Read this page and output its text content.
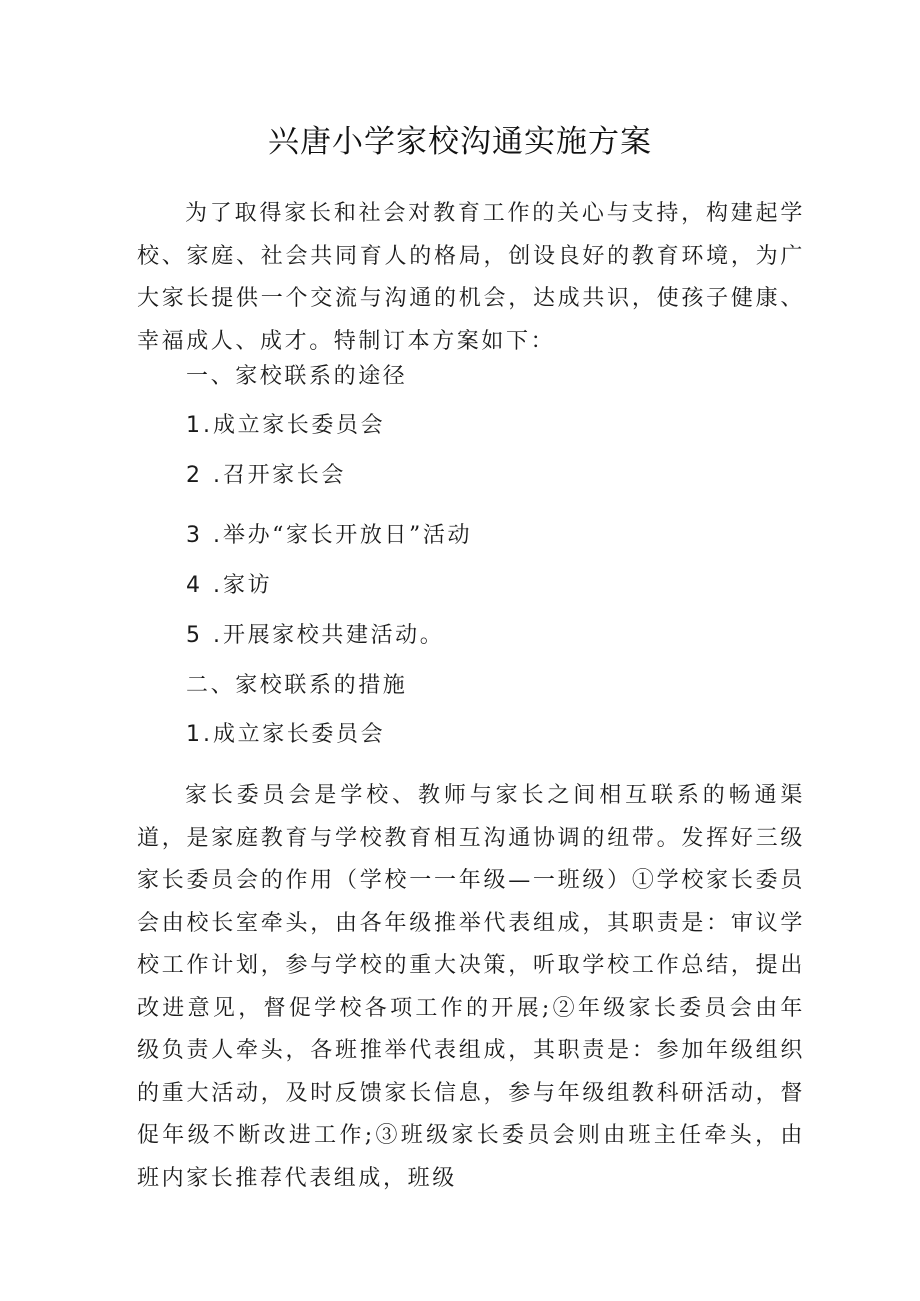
兴唐小学家校沟通实施方案

为了取得家长和社会对教育工作的关心与支持，构建起学校、家庭、社会共同育人的格局，创设良好的教育环境，为广大家长提供一个交流与沟通的机会，达成共识，使孩子健康、幸福成人、成才。特制订本方案如下：

一、家校联系的途径

1.成立家长委员会

2 .召开家长会

3 .举办“家长开放日”活动

4 .家访

5 .开展家校共建活动。

二、家校联系的措施

1.成立家长委员会

家长委员会是学校、教师与家长之间相互联系的畅通渠道，是家庭教育与学校教育相互沟通协调的纽带。发挥好三级家长委员会的作用（学校一一年级—一班级）①学校家长委员会由校长室牵头，由各年级推举代表组成，其职责是：审议学校工作计划，参与学校的重大决策，听取学校工作总结，提出改进意见，督促学校各项工作的开展;②年级家长委员会由年级负责人牵头，各班推举代表组成，其职责是：参加年级组织的重大活动，及时反馈家长信息，参与年级组教科研活动，督促年级不断改进工作;③班级家长委员会则由班主任牵头，由班内家长推荐代表组成，班级
